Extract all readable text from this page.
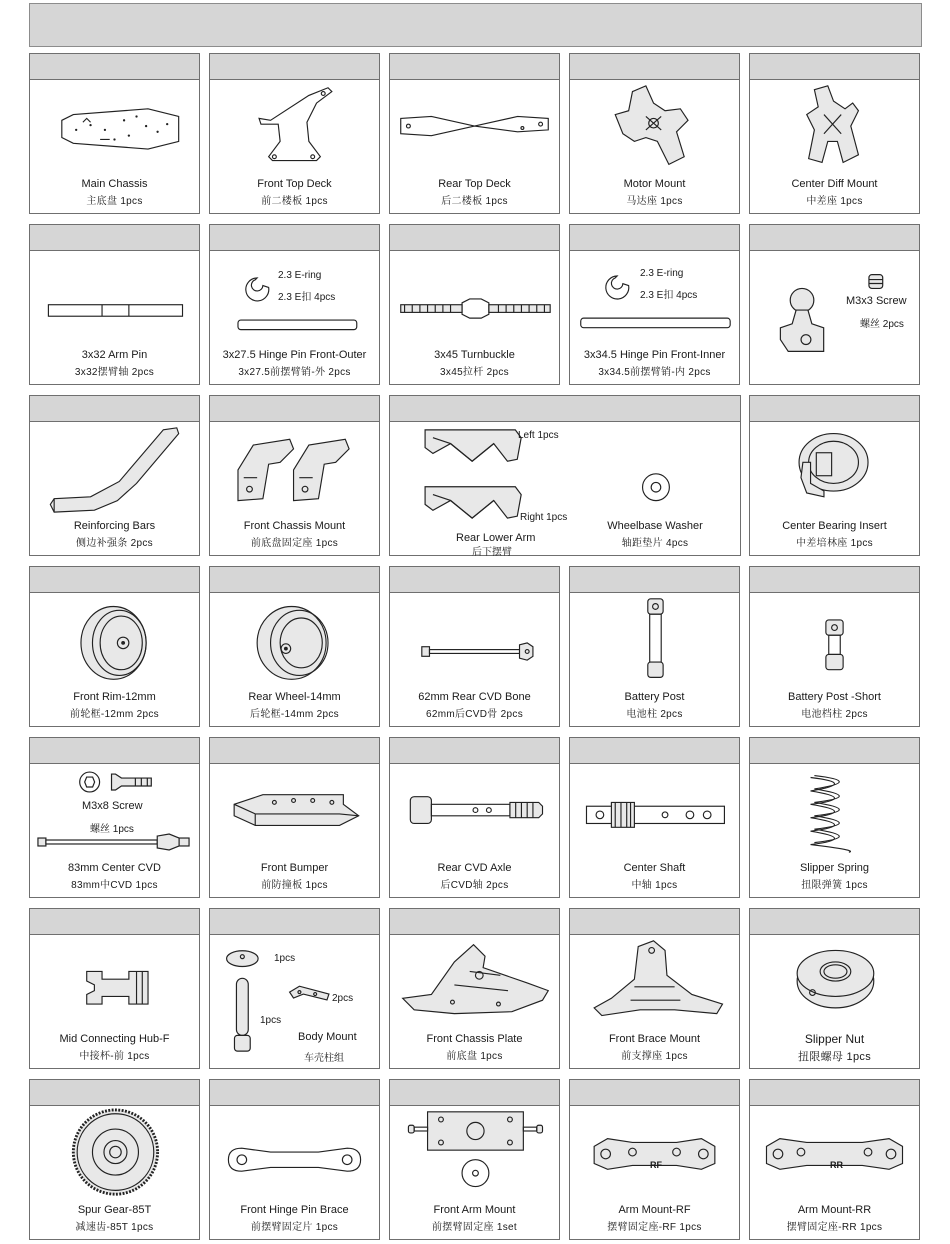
Main Chassis
主底盘 1pcs
Front Top Deck
前二楼板 1pcs
Rear Top Deck
后二楼板 1pcs
Motor Mount
马达座 1pcs
Center Diff Mount
中差座 1pcs
3x32 Arm Pin
3x32摆臂轴 2pcs
2.3 E-ring
2.3 E扣 4pcs
3x27.5 Hinge Pin Front-Outer
3x27.5前摆臂销-外 2pcs
3x45 Turnbuckle
3x45拉杆 2pcs
2.3 E-ring
2.3 E扣 4pcs
3x34.5 Hinge Pin Front-Inner
3x34.5前摆臂销-内 2pcs
M3x3 Screw
螺丝 2pcs
Reinforcing Bars
侧边补强条 2pcs
Front Chassis Mount
前底盘固定座 1pcs
Left 1pcs
Right 1pcs
Rear Lower Arm
后下摆臂
Wheelbase Washer
轴距垫片 4pcs
Center Bearing Insert
中差培林座 1pcs
Front Rim-12mm
前轮框-12mm 2pcs
Rear Wheel-14mm
后轮框-14mm 2pcs
62mm Rear CVD Bone
62mm后CVD骨 2pcs
Battery Post
电池柱 2pcs
Battery Post -Short
电池档柱 2pcs
M3x8 Screw
螺丝 1pcs
83mm Center CVD
83mm中CVD 1pcs
Front Bumper
前防撞板 1pcs
Rear CVD Axle
后CVD轴 2pcs
Center Shaft
中轴 1pcs
Slipper Spring
扭限弹簧 1pcs
Mid Connecting Hub-F
中接杯-前 1pcs
1pcs
2pcs
1pcs
Body Mount
车壳柱组
Front Chassis Plate
前底盘 1pcs
Front Brace Mount
前支撑座 1pcs
Slipper Nut
扭限螺母 1pcs
Spur Gear-85T
减速齿-85T 1pcs
Front Hinge Pin Brace
前摆臂固定片 1pcs
Front Arm Mount
前摆臂固定座 1set
RF
Arm Mount-RF
摆臂固定座-RF 1pcs
RR
Arm Mount-RR
摆臂固定座-RR 1pcs
